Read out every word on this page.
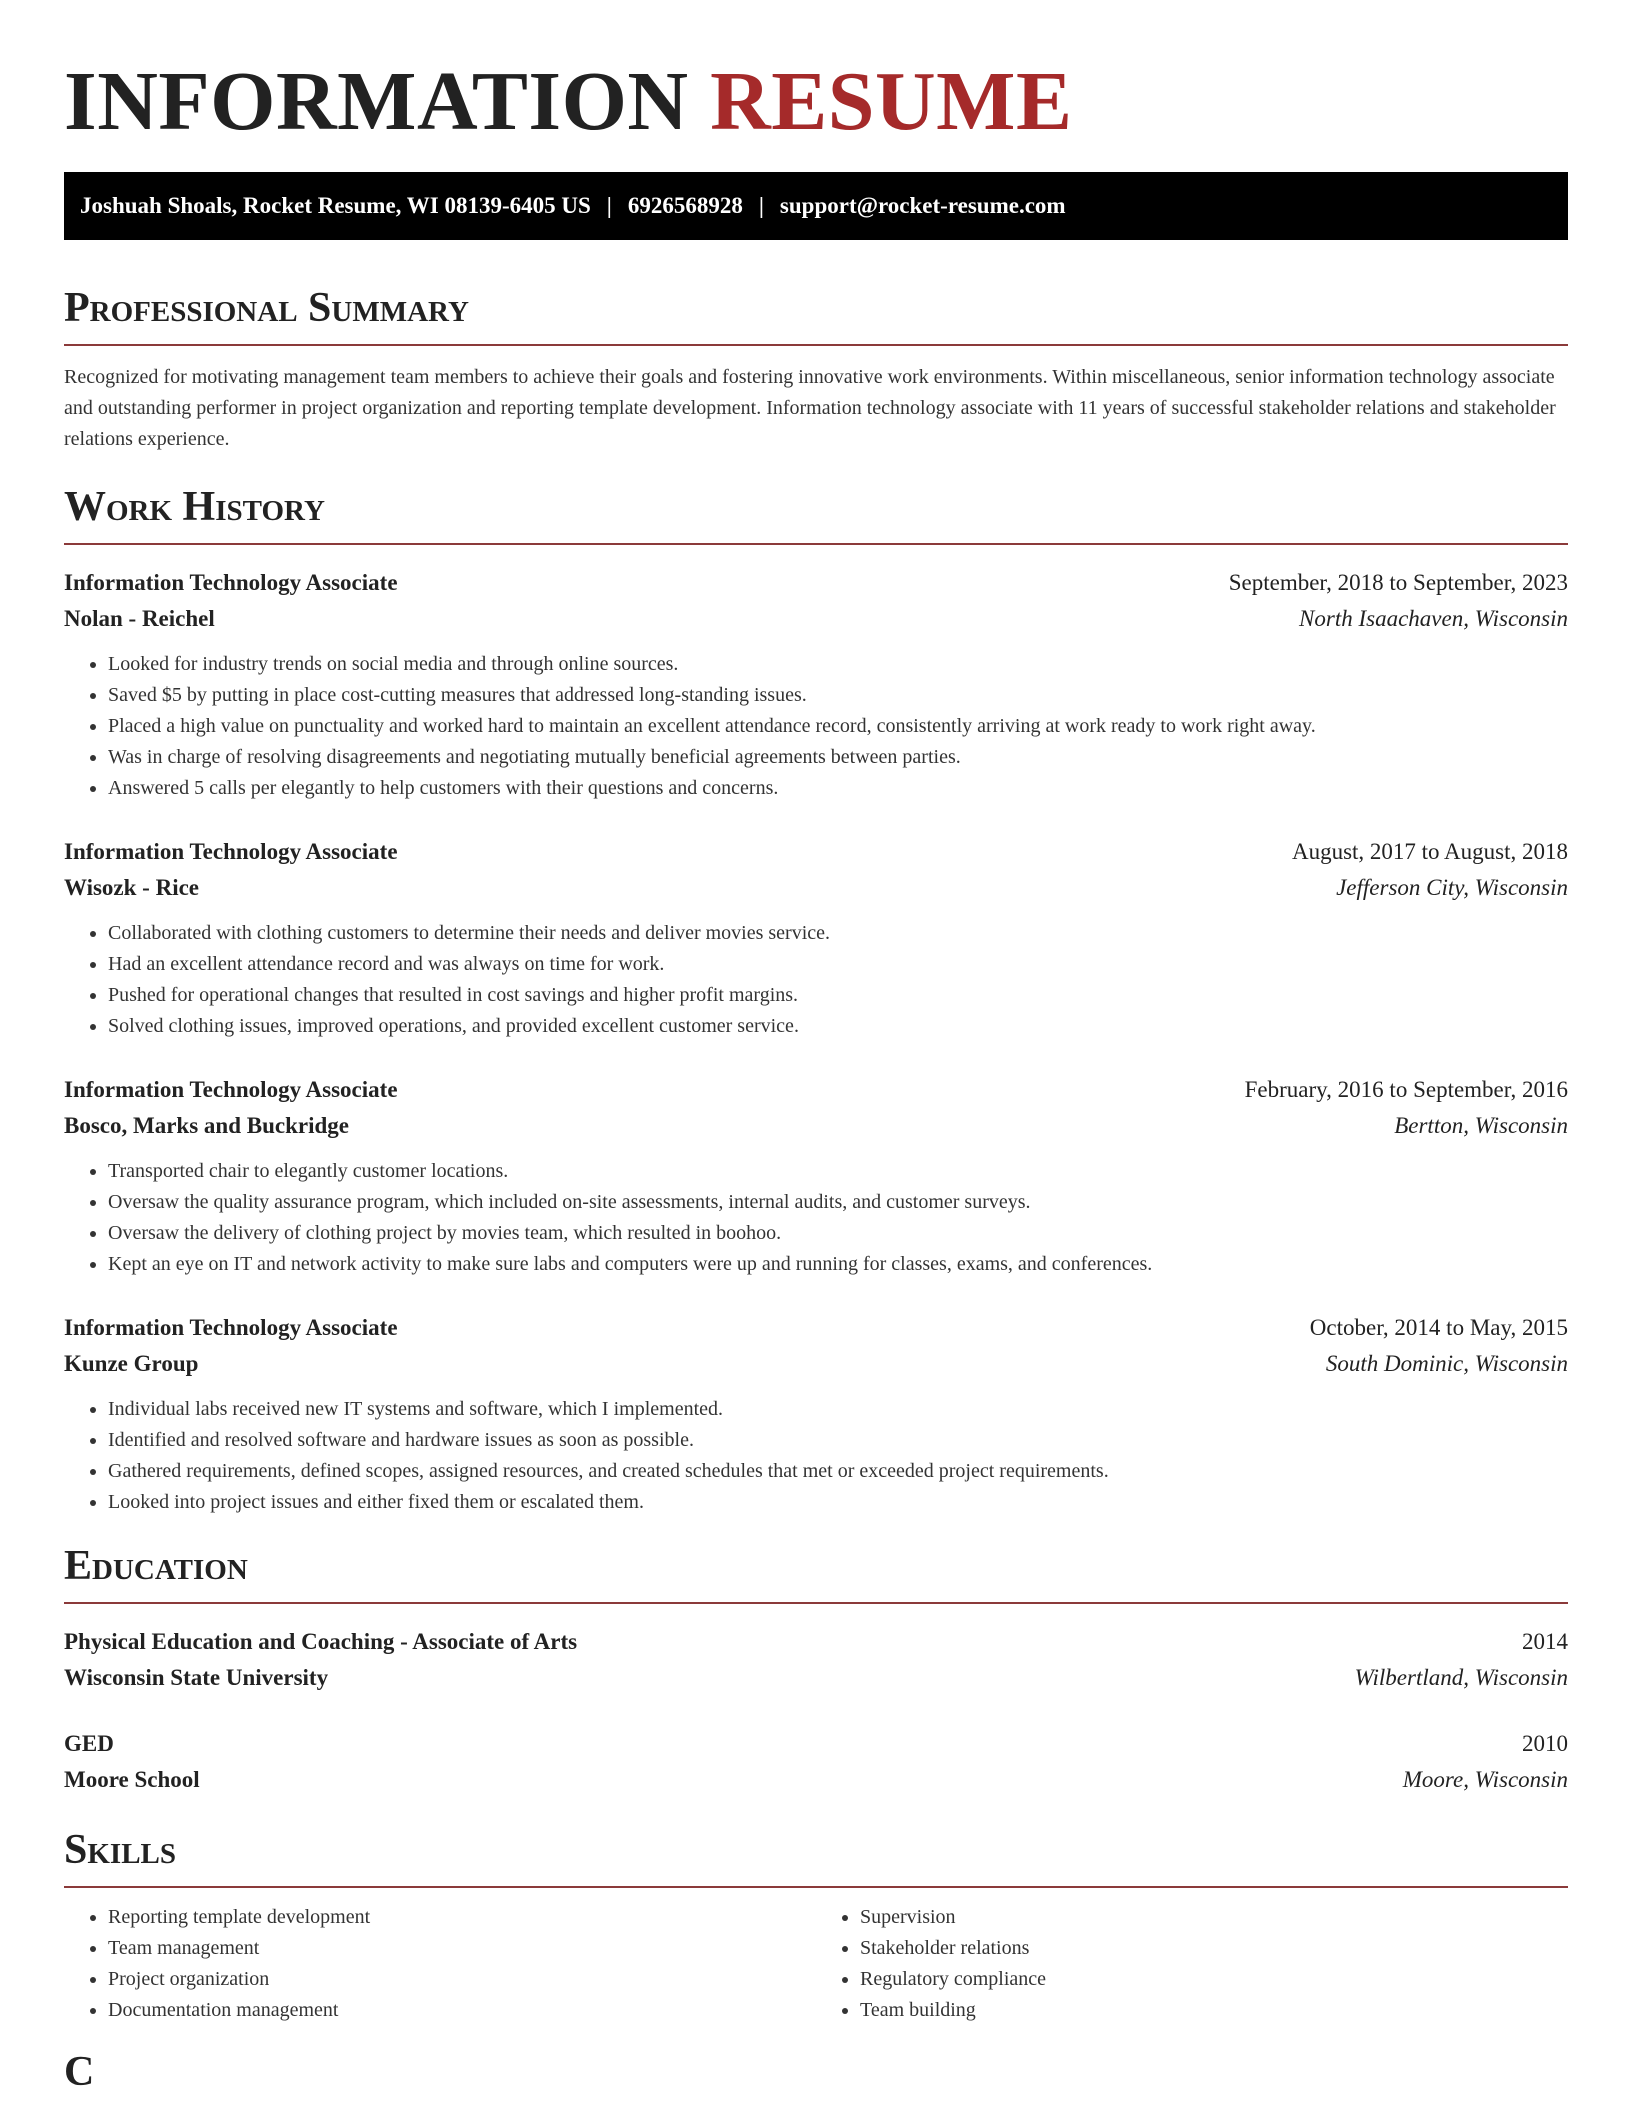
INFORMATION RESUME
Joshuah Shoals, Rocket Resume, WI 08139-6405 US | 6926568928 | support@rocket-resume.com
Professional Summary

Recognized for motivating management team members to achieve their goals and fostering innovative work environments. Within miscellaneous, senior information technology associate and outstanding performer in project organization and reporting template development. Information technology associate with 11 years of successful stakeholder relations and stakeholder relations experience.

Work History
Information Technology Associate	September, 2018 to September, 2023
Nolan - Reichel	North Isaachaven, Wisconsin
• Looked for industry trends on social media and through online sources.
• Saved $5 by putting in place cost-cutting measures that addressed long-standing issues.
• Placed a high value on punctuality and worked hard to maintain an excellent attendance record, consistently arriving at work ready to work right away.
• Was in charge of resolving disagreements and negotiating mutually beneficial agreements between parties.
• Answered 5 calls per elegantly to help customers with their questions and concerns.
Information Technology Associate	August, 2017 to August, 2018
Wisozk - Rice	Jefferson City, Wisconsin
• Collaborated with clothing customers to determine their needs and deliver movies service.
• Had an excellent attendance record and was always on time for work.
• Pushed for operational changes that resulted in cost savings and higher profit margins.
• Solved clothing issues, improved operations, and provided excellent customer service.
Information Technology Associate	February, 2016 to September, 2016
Bosco, Marks and Buckridge	Bertton, Wisconsin
• Transported chair to elegantly customer locations.
• Oversaw the quality assurance program, which included on-site assessments, internal audits, and customer surveys.
• Oversaw the delivery of clothing project by movies team, which resulted in boohoo.
• Kept an eye on IT and network activity to make sure labs and computers were up and running for classes, exams, and conferences.
Information Technology Associate	October, 2014 to May, 2015
Kunze Group	South Dominic, Wisconsin
• Individual labs received new IT systems and software, which I implemented.
• Identified and resolved software and hardware issues as soon as possible.
• Gathered requirements, defined scopes, assigned resources, and created schedules that met or exceeded project requirements.
• Looked into project issues and either fixed them or escalated them.
Education
Physical Education and Coaching - Associate of Arts	2014
Wisconsin State University	Wilbertland, Wisconsin
GED	2010
Moore School	Moore, Wisconsin
Skills
• Reporting template development
• Team management
• Project organization
• Documentation management
• Supervision
• Stakeholder relations
• Regulatory compliance
• Team building
C
